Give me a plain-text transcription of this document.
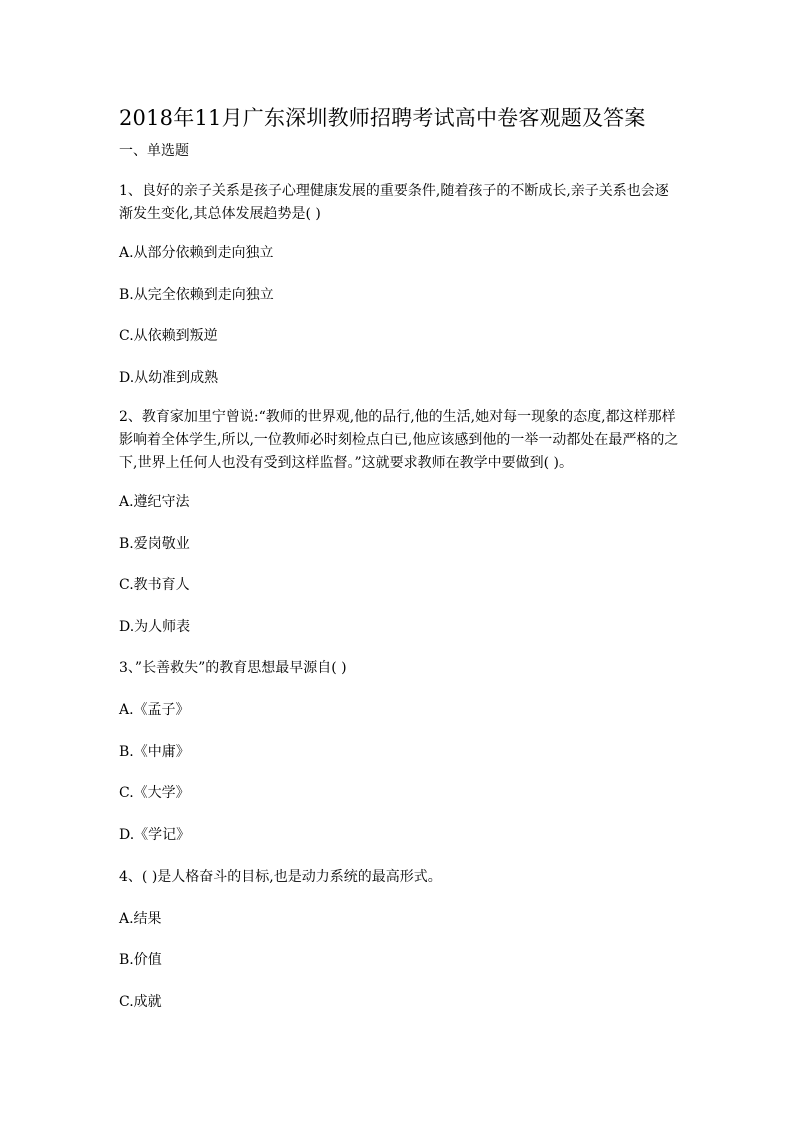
2018年11月广东深圳教师招聘考试高中卷客观题及答案
一、单选题
1、良好的亲子关系是孩子心理健康发展的重要条件,随着孩子的不断成长,亲子关系也会逐渐发生变化,其总体发展趋势是( )
A.从部分依赖到走向独立
B.从完全依赖到走向独立
C.从依赖到叛逆
D.从幼准到成熟
2、教育家加里宁曾说:“教师的世界观,他的品行,他的生活,她对每一现象的态度,都这样那样影响着全体学生,所以,一位教师必时刻检点白已,他应该感到他的一举一动都处在最严格的之下,世界上任何人也没有受到这样监督。”这就要求教师在教学中要做到( )。
A.遵纪守法
B.爱岗敬业
C.教书育人
D.为人师表
3、”长善救失”的教育思想最早源自( )
A.《孟子》
B.《中庸》
C.《大学》
D.《学记》
4、( )是人格奋斗的目标,也是动力系统的最高形式。
A.结果
B.价值
C.成就
